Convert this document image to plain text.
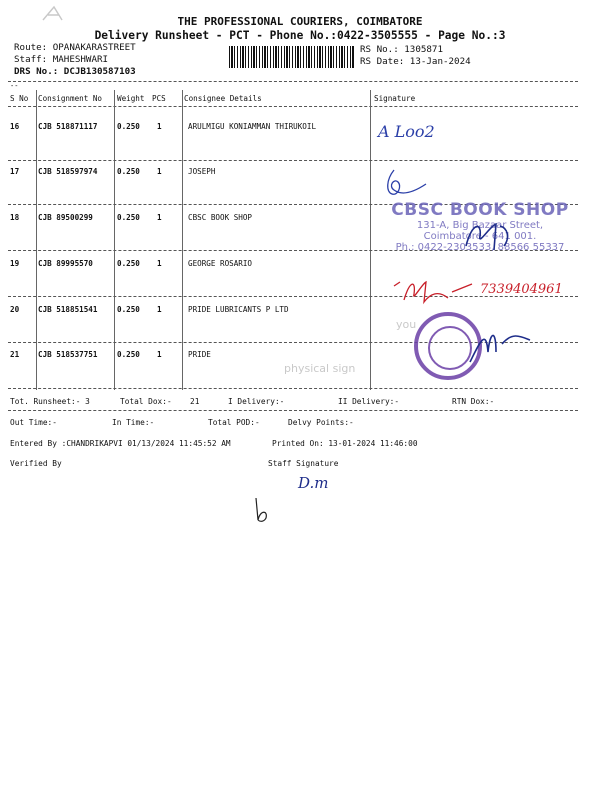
THE PROFESSIONAL COURIERS, COIMBATORE
Delivery Runsheet - PCT - Phone No.:0422-3505555 - Page No.:3
Route: OPANAKARASTREET
Staff: MAHESHWARI
DRS No.: DCJB130587103
RS No.: 1305871
RS Date: 13-Jan-2024
--
S No Consignment No Weight PCS Consignee Details	Signature
16 CJB 518871117	0.250 1	ARULMIGU KONIAMMAN THIRUKOIL	A Loo2
17 CJB 518597974	0.250 1	JOSEPH
18 CJB 89500299	0.250 1	CBSC BOOK SHOP
19 CJB 89995570	0.250 1	GEORGE ROSARIO
20 CJB 518851541	0.250 1	PRIDE LUBRICANTS P LTD
21 CJB 518537751	0.250 1	PRIDE
physical sign
you
CBSC BOOK SHOP
131-A, Big Bazaar Street,
Coimbatore - 641 001.
Ph.: 0422-2303533, 88566 55337
7339404961
Tot. Runsheet:- 3	Total Dox:- 21	I Delivery:-	II Delivery:-	RTN Dox:-
Out Time:-	In Time:-	Total POD:-	Delvy Points:-
Entered By :CHANDRIKAPVI 01/13/2024 11:45:52 AM	Printed On: 13-01-2024 11:46:00
Verified By	Staff Signature
D.m
